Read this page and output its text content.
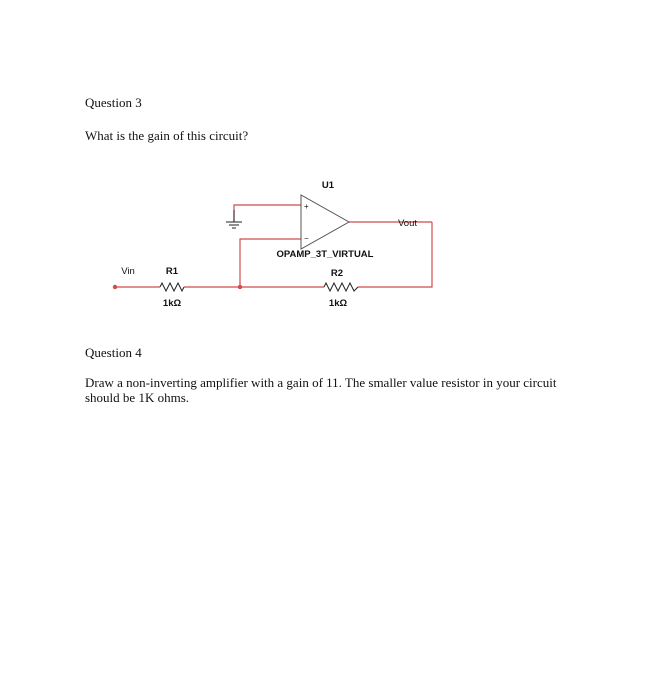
Question 3
What is the gain of this circuit?
+
−
U1
Vout
OPAMP_3T_VIRTUAL
R2
1kΩ
Vin	R1
1kΩ
Question 4
Draw a non-inverting amplifier with a gain of 11. The smaller value resistor in your circuit should be 1K ohms.
